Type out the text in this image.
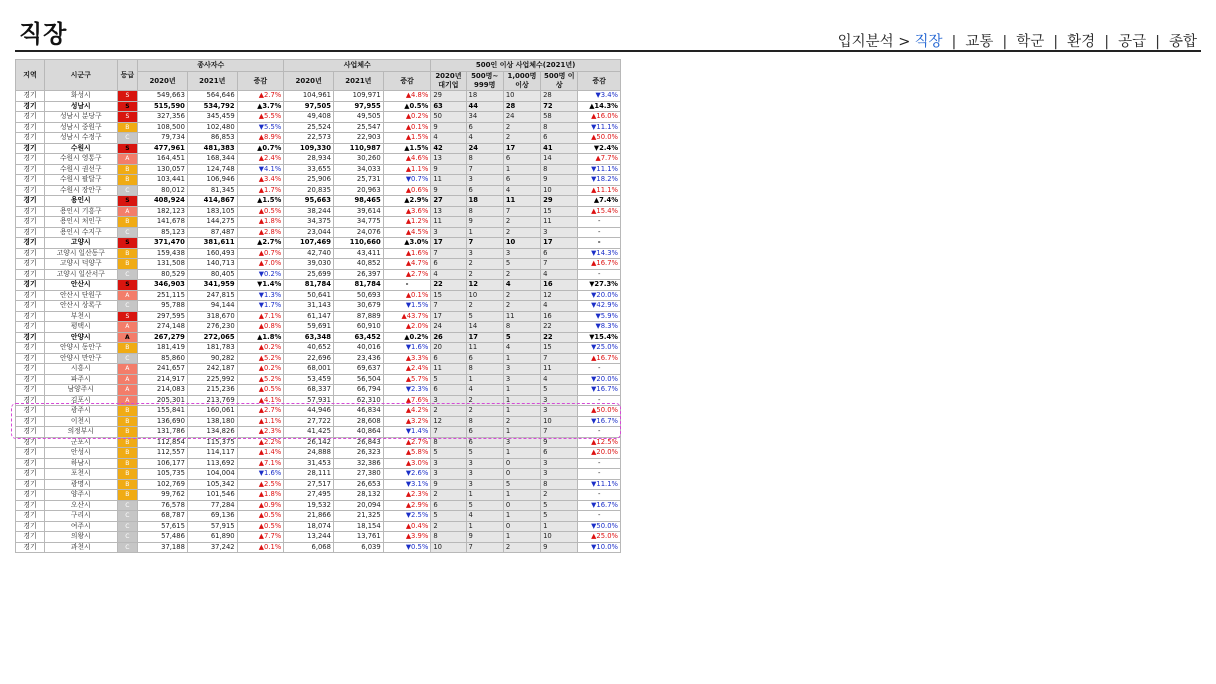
직장	입지분석 > 직장 | 교통 | 학군 | 환경 | 공급 | 종합
지역	시군구	등급	종사자수			사업체수			500인 이상 사업체수(2021년)				
			2020년	2021년	증감	2020년	2021년	증감	2020년 대기업	500명~ 999명	1,000명 이상	500명 이상	증감

경기	화성시	S	549,663	564,646	▲2.7%	104,961	109,971	▲4.8%	29	18	10	28	▼3.4%
경기	성남시	S	515,590	534,792	▲3.7%	97,505	97,955	▲0.5%	63	44	28	72	▲14.3%
경기	성남시 분당구	S	327,356	345,459	▲5.5%	49,408	49,505	▲0.2%	50	34	24	58	▲16.0%
경기	성남시 중원구	B	108,500	102,480	▼5.5%	25,524	25,547	▲0.1%	9	6	2	8	▼11.1%
경기	성남시 수정구	C	79,734	86,853	▲8.9%	22,573	22,903	▲1.5%	4	4	2	6	▲50.0%
경기	수원시	S	477,961	481,383	▲0.7%	109,330	110,987	▲1.5%	42	24	17	41	▼2.4%
경기	수원시 영통구	A	164,451	168,344	▲2.4%	28,934	30,260	▲4.6%	13	8	6	14	▲7.7%
경기	수원시 권선구	B	130,057	124,748	▼4.1%	33,655	34,033	▲1.1%	9	7	1	8	▼11.1%
경기	수원시 팔달구	B	103,441	106,946	▲3.4%	25,906	25,731	▼0.7%	11	3	6	9	▼18.2%
경기	수원시 장안구	C	80,012	81,345	▲1.7%	20,835	20,963	▲0.6%	9	6	4	10	▲11.1%
경기	용인시	S	408,924	414,867	▲1.5%	95,663	98,465	▲2.9%	27	18	11	29	▲7.4%
경기	용인시 기흥구	A	182,123	183,105	▲0.5%	38,244	39,614	▲3.6%	13	8	7	15	▲15.4%
경기	용인시 처인구	B	141,678	144,275	▲1.8%	34,375	34,775	▲1.2%	11	9	2	11	-
경기	용인시 수지구	C	85,123	87,487	▲2.8%	23,044	24,076	▲4.5%	3	1	2	3	-
경기	고양시	S	371,470	381,611	▲2.7%	107,469	110,660	▲3.0%	17	7	10	17	-
경기	고양시 일산동구	B	159,438	160,493	▲0.7%	42,740	43,411	▲1.6%	7	3	3	6	▼14.3%
경기	고양시 덕양구	B	131,508	140,713	▲7.0%	39,030	40,852	▲4.7%	6	2	5	7	▲16.7%
경기	고양시 일산서구	C	80,529	80,405	▼0.2%	25,699	26,397	▲2.7%	4	2	2	4	-
경기	안산시	S	346,903	341,959	▼1.4%	81,784	81,784	-	22	12	4	16	▼27.3%
경기	안산시 단원구	A	251,115	247,815	▼1.3%	50,641	50,693	▲0.1%	15	10	2	12	▼20.0%
경기	안산시 상록구	C	95,788	94,144	▼1.7%	31,143	30,679	▼1.5%	7	2	2	4	▼42.9%
경기	부천시	S	297,595	318,670	▲7.1%	61,147	87,889	▲43.7%	17	5	11	16	▼5.9%
경기	평택시	A	274,148	276,230	▲0.8%	59,691	60,910	▲2.0%	24	14	8	22	▼8.3%
경기	안양시	A	267,279	272,065	▲1.8%	63,348	63,452	▲0.2%	26	17	5	22	▼15.4%
경기	안양시 동안구	B	181,419	181,783	▲0.2%	40,652	40,016	▼1.6%	20	11	4	15	▼25.0%
경기	안양시 만안구	C	85,860	90,282	▲5.2%	22,696	23,436	▲3.3%	6	6	1	7	▲16.7%
경기	시흥시	A	241,657	242,187	▲0.2%	68,001	69,637	▲2.4%	11	8	3	11	-
경기	파주시	A	214,917	225,992	▲5.2%	53,459	56,504	▲5.7%	5	1	3	4	▼20.0%
경기	남양주시	A	214,083	215,236	▲0.5%	68,337	66,794	▼2.3%	6	4	1	5	▼16.7%
경기	김포시	A	205,301	213,769	▲4.1%	57,931	62,310	▲7.6%	3	2	1	3	-
경기	광주시	B	155,841	160,061	▲2.7%	44,946	46,834	▲4.2%	2	2	1	3	▲50.0%
경기	이천시	B	136,690	138,180	▲1.1%	27,722	28,608	▲3.2%	12	8	2	10	▼16.7%
경기	의정부시	B	131,786	134,826	▲2.3%	41,425	40,864	▼1.4%	7	6	1	7	-
경기	군포시	B	112,854	115,375	▲2.2%	26,142	26,843	▲2.7%	8	6	3	9	▲12.5%
경기	안성시	B	112,557	114,117	▲1.4%	24,888	26,323	▲5.8%	5	5	1	6	▲20.0%
경기	하남시	B	106,177	113,692	▲7.1%	31,453	32,386	▲3.0%	3	3	0	3	-
경기	포천시	B	105,735	104,004	▼1.6%	28,111	27,380	▼2.6%	3	3	0	3	-
경기	광명시	B	102,769	105,342	▲2.5%	27,517	26,653	▼3.1%	9	3	5	8	▼11.1%
경기	양주시	B	99,762	101,546	▲1.8%	27,495	28,132	▲2.3%	2	1	1	2	-
경기	오산시	C	76,578	77,284	▲0.9%	19,532	20,094	▲2.9%	6	5	0	5	▼16.7%
경기	구리시	C	68,787	69,136	▲0.5%	21,866	21,325	▼2.5%	5	4	1	5	-
경기	여주시	C	57,615	57,915	▲0.5%	18,074	18,154	▲0.4%	2	1	0	1	▼50.0%
경기	의왕시	C	57,486	61,890	▲7.7%	13,244	13,761	▲3.9%	8	9	1	10	▲25.0%
경기	과천시	C	37,188	37,242	▲0.1%	6,068	6,039	▼0.5%	10	7	2	9	▼10.0%
